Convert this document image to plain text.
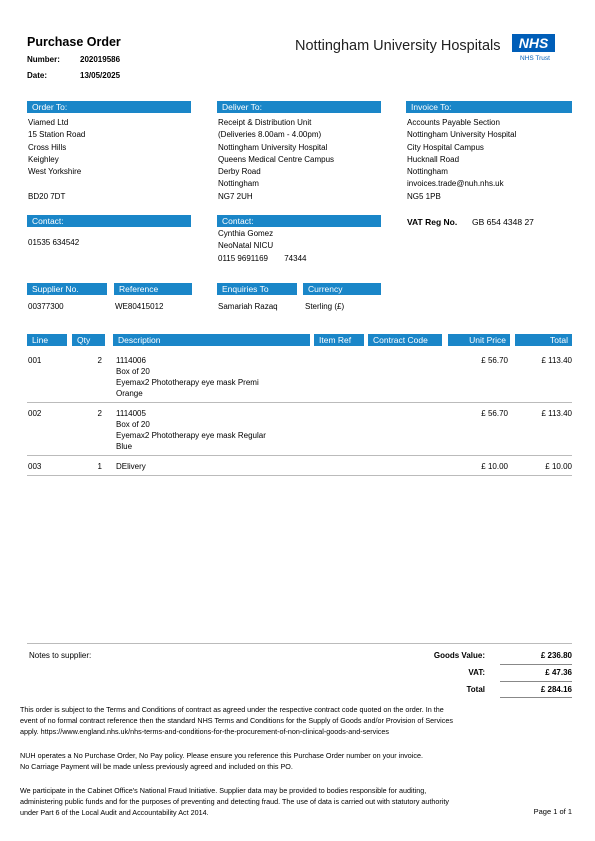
Purchase Order
Number:	202019586
Date:	13/05/2025
Nottingham University Hospitals	NHS
NHS Trust
Order To:	Deliver To:	Invoice To:
Viamed Ltd
15 Station Road
Cross Hills
Keighley
West Yorkshire
BD20 7DT
Receipt & Distribution Unit
(Deliveries 8.00am - 4.00pm)
Nottingham University Hospital
Queens Medical Centre Campus
Derby Road
Nottingham
NG7 2UH
Accounts Payable Section
Nottingham University Hospital
City Hospital Campus
Hucknall Road
Nottingham
invoices.trade@nuh.nhs.uk
NG5 1PB
Contact:
01535 634542
Contact:
Cynthia Gomez
NeoNatal NICU
0115 9691169 74344
VAT Reg No. GB 654 4348 27
Supplier No.	Reference	Enquiries To	Currency
00377300	WE80415012	Samariah Razaq	Sterling (£)
Line	Qty	Description	Item Ref	Contract Code	Unit Price	Total
001	2 1114006
Box of 20
Eyemax2 Phototherapy eye mask Premi
Orange
£ 56.70	£ 113.40
002	2 1114005
Box of 20
Eyemax2 Phototherapy eye mask Regular
Blue
£ 56.70	£ 113.40
003	1 DElivery	£ 10.00	£ 10.00
Notes to supplier:	Goods Value:	£ 236.80
VAT:	£ 47.36
Total	£ 284.16

This order is subject to the Terms and Conditions of contract as agreed under the respective contract code quoted on the order. In the

event of no formal contract reference then the standard NHS Terms and Conditions for the Supply of Goods and/or Provision of Services

apply. https://www.england.nhs.uk/nhs-terms-and-conditions-for-the-procurement-of-non-clinical-goods-and-services

NUH operates a No Purchase Order, No Pay policy. Please ensure you reference this Purchase Order number on your invoice.

No Carriage Payment will be made unless previously agreed and included on this PO.

We participate in the Cabinet Office's National Fraud Initiative. Supplier data may be provided to bodies responsible for auditing,

administering public funds and for the purposes of preventing and detecting fraud. The use of data is carried out with statutory authority

under Part 6 of the Local Audit and Accountability Act 2014.	Page 1 of 1
